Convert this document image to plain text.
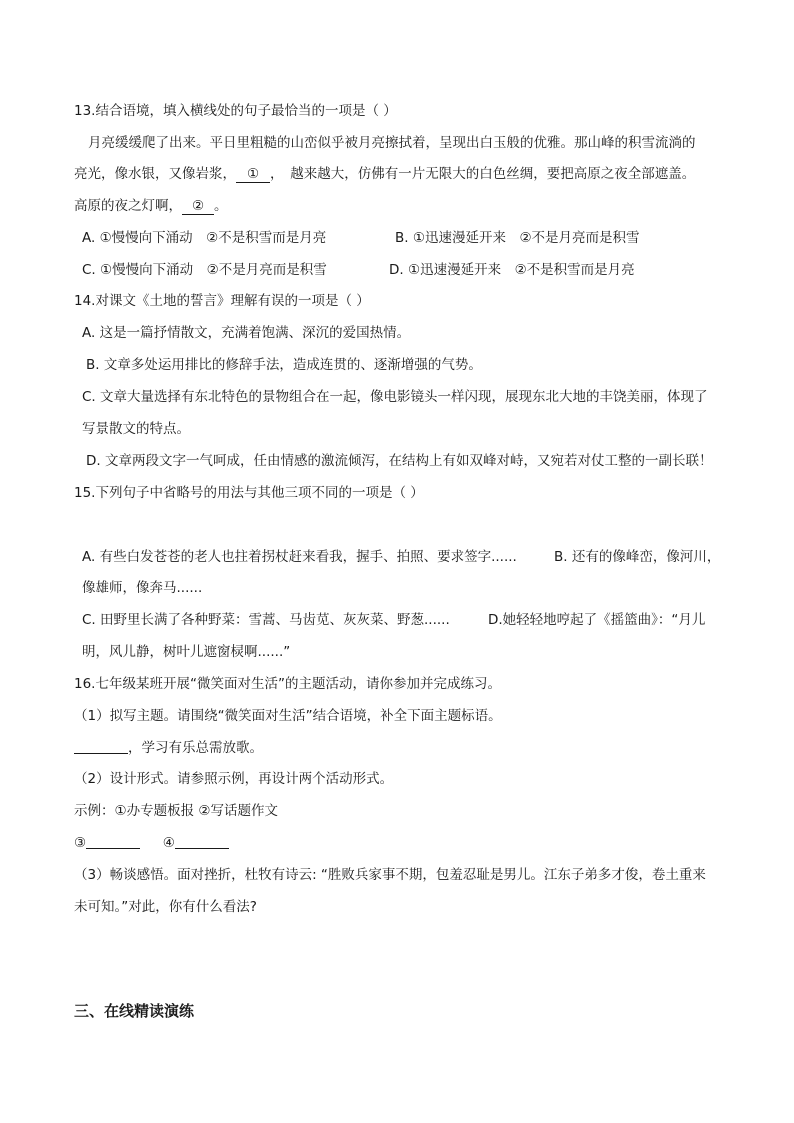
13.结合语境，填入横线处的句子最恰当的一项是（ ）
月亮缓缓爬了出来。平日里粗糙的山峦似乎被月亮擦拭着，呈现出白玉般的优雅。那山峰的积雪流淌的
亮光，像水银，又像岩浆， ① ，　越来越大，仿佛有一片无限大的白色丝绸，要把高原之夜全部遮盖。
高原的夜之灯啊， ② 。
A. ①慢慢向下涌动　②不是积雪而是月亮	B. ①迅速漫延开来　②不是月亮而是积雪
C. ①慢慢向下涌动　②不是月亮而是积雪	D. ①迅速漫延开来　②不是积雪而是月亮
14.对课文《土地的誓言》理解有误的一项是（ ）
A. 这是一篇抒情散文，充满着饱满、深沉的爱国热情。
B. 文章多处运用排比的修辞手法，造成连贯的、逐渐增强的气势。
C. 文章大量选择有东北特色的景物组合在一起，像电影镜头一样闪现，展现东北大地的丰饶美丽，体现了
写景散文的特点。
D. 文章两段文字一气呵成，任由情感的激流倾泻，在结构上有如双峰对峙，又宛若对仗工整的一副长联！
15.下列句子中省略号的用法与其他三项不同的一项是（ ）
A. 有些白发苍苍的老人也拄着拐杖赶来看我，握手、拍照、要求签字......	B. 还有的像峰峦，像河川，
像雄师，像奔马......
C. 田野里长满了各种野菜：雪蒿、马齿苋、灰灰菜、野葱......	D.她轻轻地哼起了《摇篮曲》：“月儿
明，风儿静，树叶儿遮窗棂啊......”
16.七年级某班开展“微笑面对生活”的主题活动，请你参加并完成练习。
（1）拟写主题。请围绕“微笑面对生活”结合语境，补全下面主题标语。
，学习有乐总需放歌。
（2）设计形式。请参照示例，再设计两个活动形式。
示例：①办专题板报 ②写话题作文
③	④
（3）畅谈感悟。面对挫折，杜牧有诗云: “胜败兵家事不期，包羞忍耻是男儿。江东子弟多才俊，卷土重来
未可知。”对此，你有什么看法?
三、在线精读演练
